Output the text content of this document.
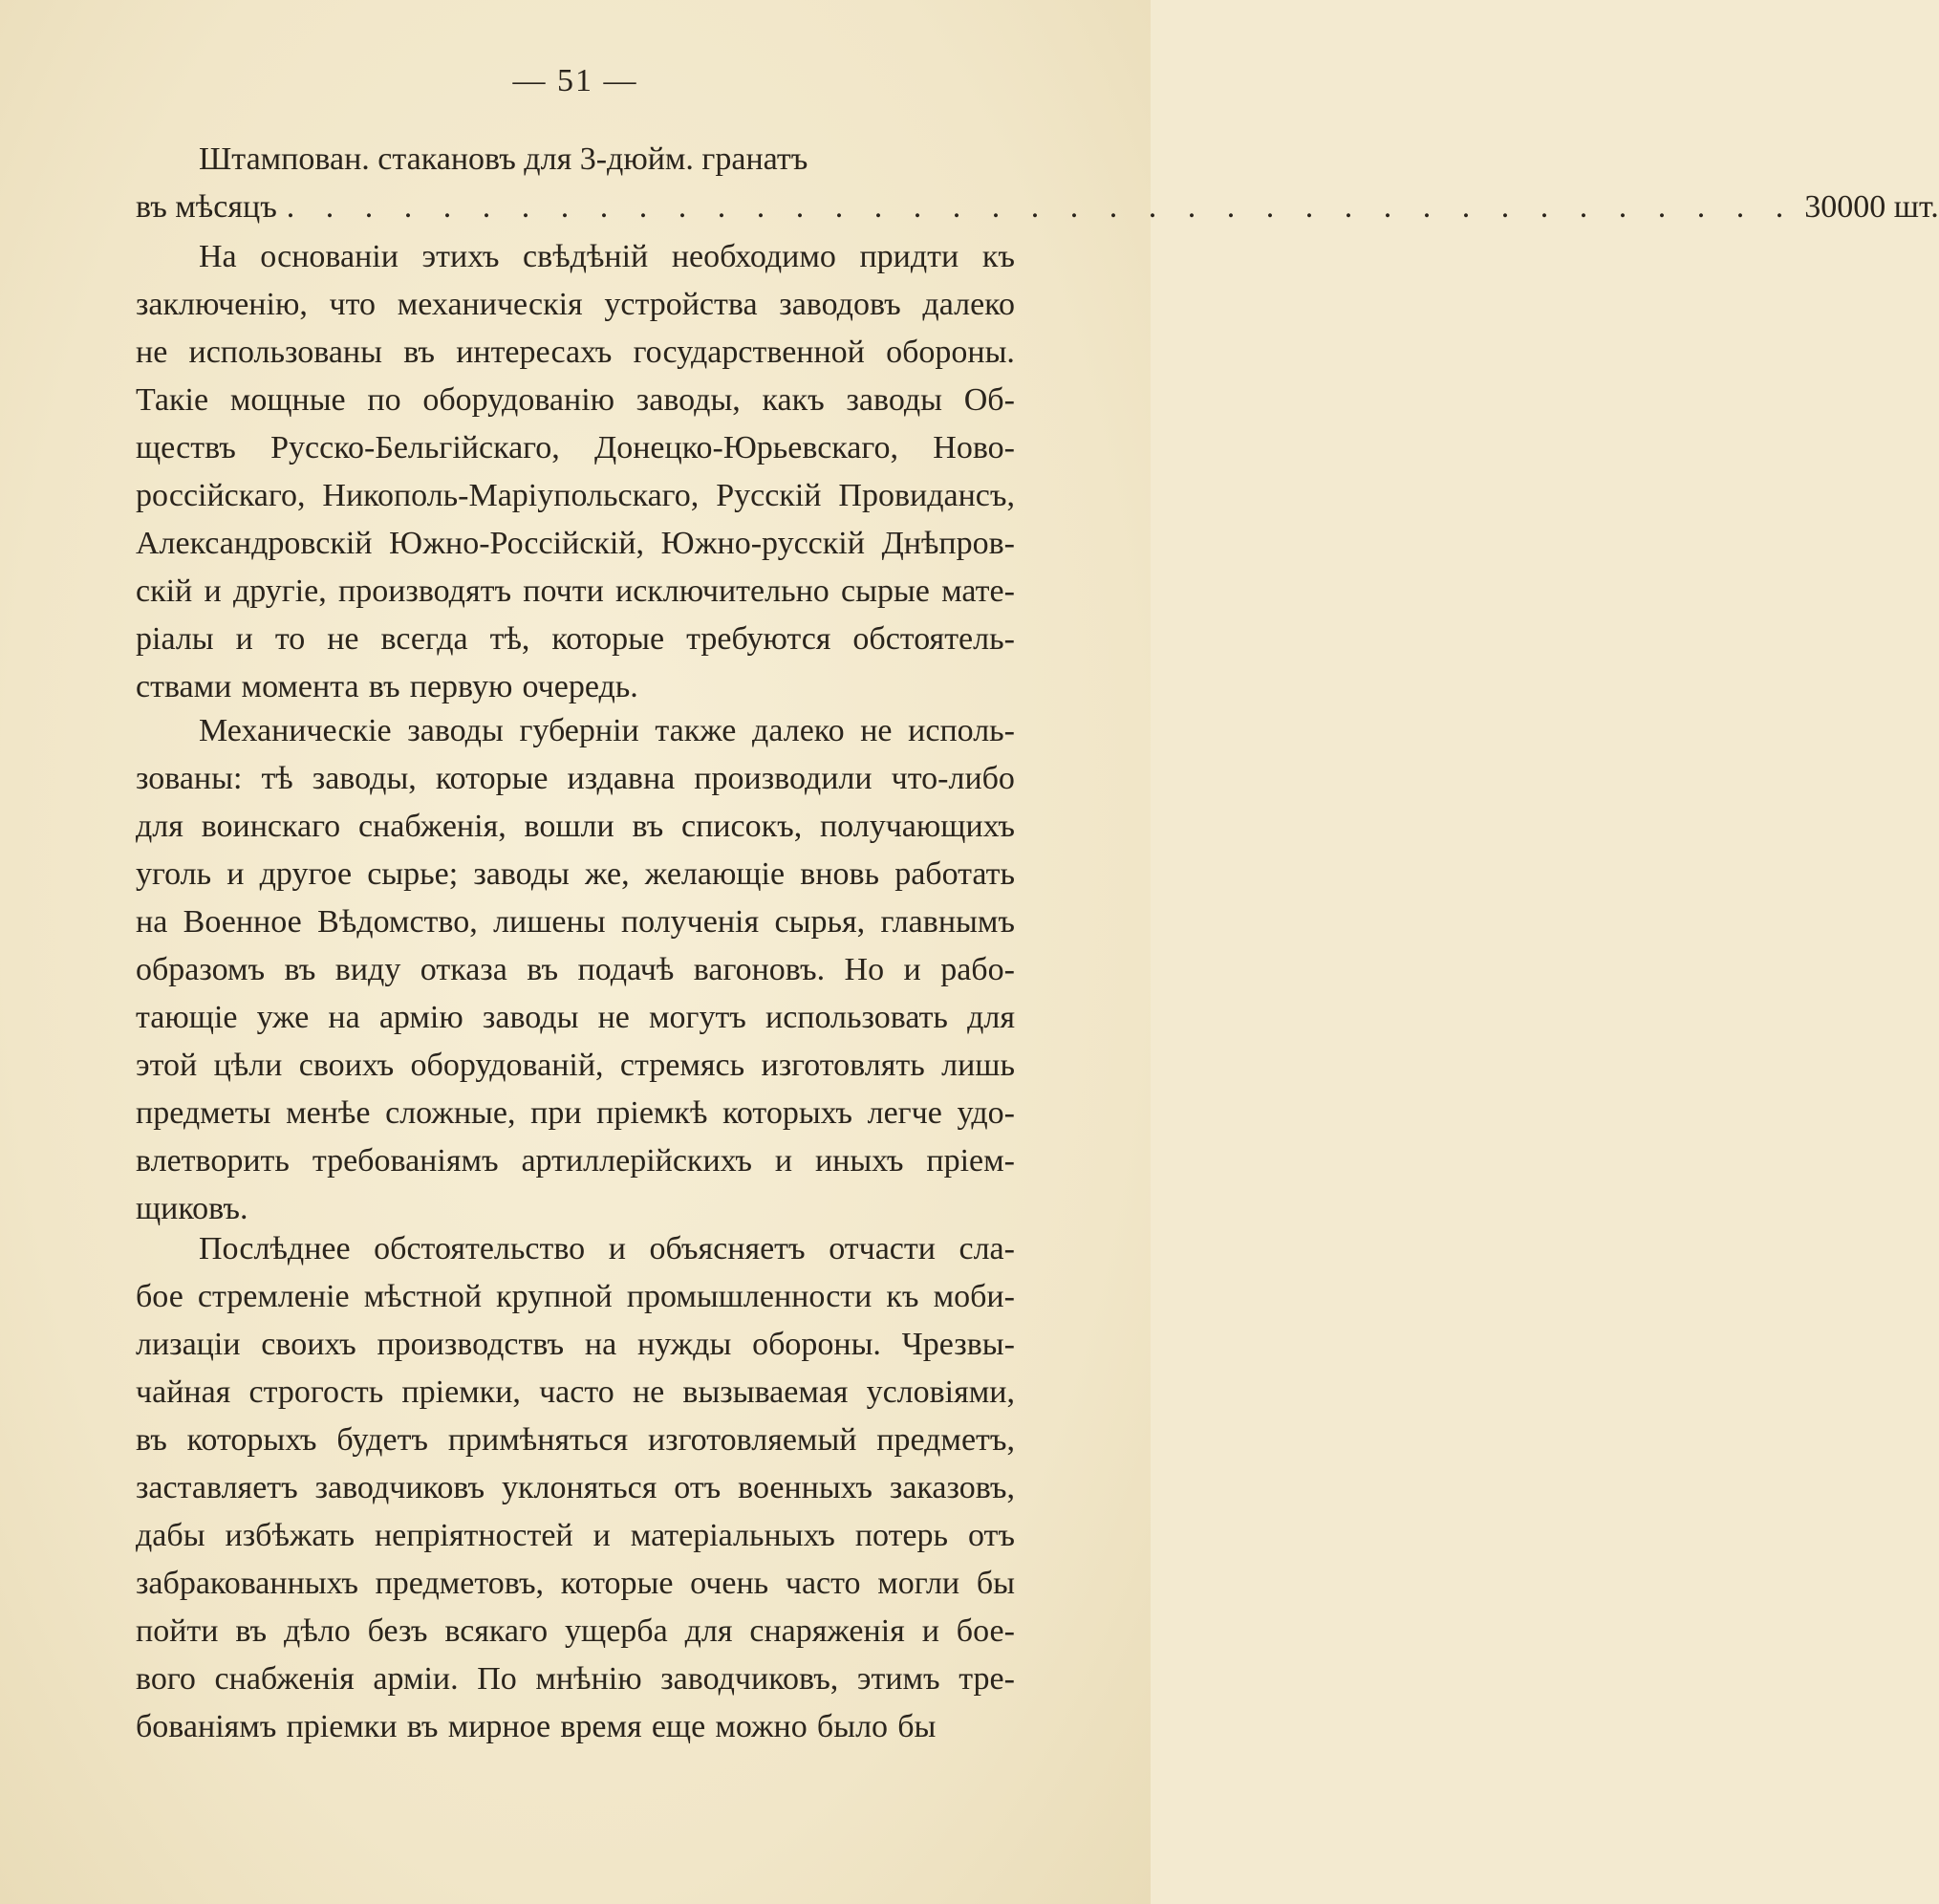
— 51 —
Штампован. стакановъ для 3-дюйм. гранатъ
въ мѣсяцъ . . . . . . . . . . . . . . . . . . . . . . . . . . . . . . . . . . . . . . . 30000 шт.
На основаніи этихъ свѣдѣній необходимо придти къ
заключенію, что механическія устройства заводовъ далеко
не использованы въ интересахъ государственной обороны.
Такіе мощные по оборудованію заводы, какъ заводы Об-
ществъ Русско-Бельгійскаго, Донецко-Юрьевскаго, Ново-
россійскаго, Никополь-Маріупольскаго, Русскій Провидансъ,
Александровскій Южно-Россійскій, Южно-русскій Днѣпров-
скій и другіе, производятъ почти исключительно сырые мате-
ріалы и то не всегда тѣ, которые требуются обстоятель-
ствами момента въ первую очередь.
Механическіе заводы губерніи также далеко не исполь-
зованы: тѣ заводы, которые издавна производили что-либо
для воинскаго снабженія, вошли въ списокъ, получающихъ
уголь и другое сырье; заводы же, желающіе вновь работать
на Военное Вѣдомство, лишены полученія сырья, главнымъ
образомъ въ виду отказа въ подачѣ вагоновъ. Но и рабо-
тающіе уже на армію заводы не могутъ использовать для
этой цѣли своихъ оборудованій, стремясь изготовлять лишь
предметы менѣе сложные, при пріемкѣ которыхъ легче удо-
влетворить требованіямъ артиллерійскихъ и иныхъ пріем-
щиковъ.
Послѣднее обстоятельство и объясняетъ отчасти сла-
бое стремленіе мѣстной крупной промышленности къ моби-
лизаціи своихъ производствъ на нужды обороны. Чрезвы-
чайная строгость пріемки, часто не вызываемая условіями,
въ которыхъ будетъ примѣняться изготовляемый предметъ,
заставляетъ заводчиковъ уклоняться отъ военныхъ заказовъ,
дабы избѣжать непріятностей и матеріальныхъ потерь отъ
забракованныхъ предметовъ, которые очень часто могли бы
пойти въ дѣло безъ всякаго ущерба для снаряженія и бое-
вого снабженія арміи. По мнѣнію заводчиковъ, этимъ тре-
бованіямъ пріемки въ мирное время еще можно было бы
